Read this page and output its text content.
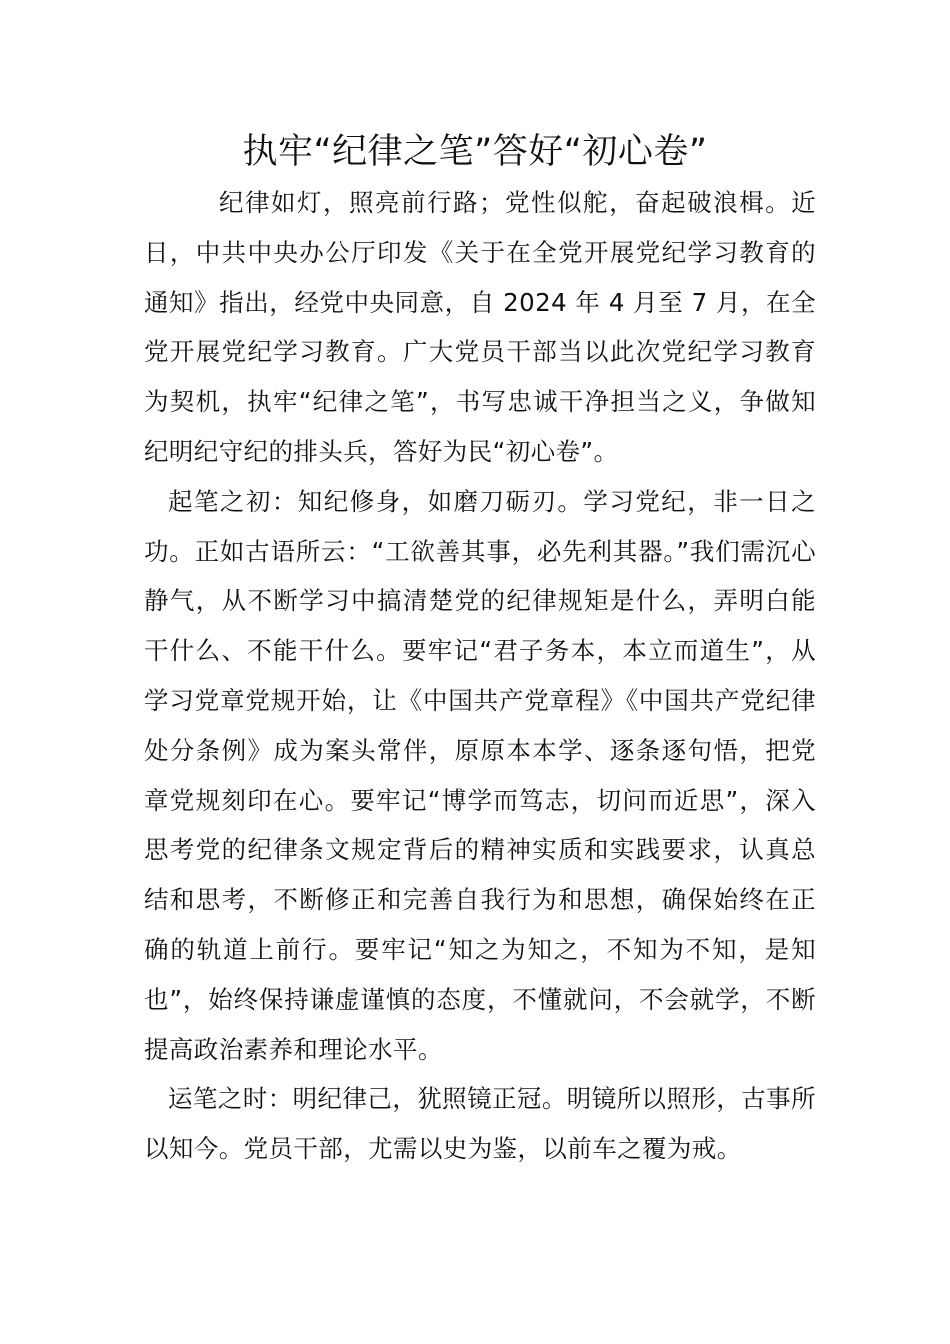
执牢“纪律之笔”答好“初心卷”

纪律如灯，照亮前行路；党性似舵，奋起破浪楫。近日，中共中央办公厅印发《关于在全党开展党纪学习教育的通知》指出，经党中央同意，自 2024 年 4 月至 7 月，在全党开展党纪学习教育。广大党员干部当以此次党纪学习教育为契机，执牢“纪律之笔”，书写忠诚干净担当之义，争做知纪明纪守纪的排头兵，答好为民“初心卷”。

起笔之初：知纪修身，如磨刀砺刃。学习党纪，非一日之功。正如古语所云：“工欲善其事，必先利其器。”我们需沉心静气，从不断学习中搞清楚党的纪律规矩是什么，弄明白能干什么、不能干什么。要牢记“君子务本，本立而道生”，从学习党章党规开始，让《中国共产党章程》《中国共产党纪律处分条例》成为案头常伴，原原本本学、逐条逐句悟，把党章党规刻印在心。要牢记“博学而笃志，切问而近思”，深入思考党的纪律条文规定背后的精神实质和实践要求，认真总结和思考，不断修正和完善自我行为和思想，确保始终在正确的轨道上前行。要牢记“知之为知之，不知为不知，是知也”，始终保持谦虚谨慎的态度，不懂就问，不会就学，不断提高政治素养和理论水平。

运笔之时：明纪律己，犹照镜正冠。明镜所以照形，古事所以知今。党员干部，尤需以史为鉴，以前车之覆为戒。
